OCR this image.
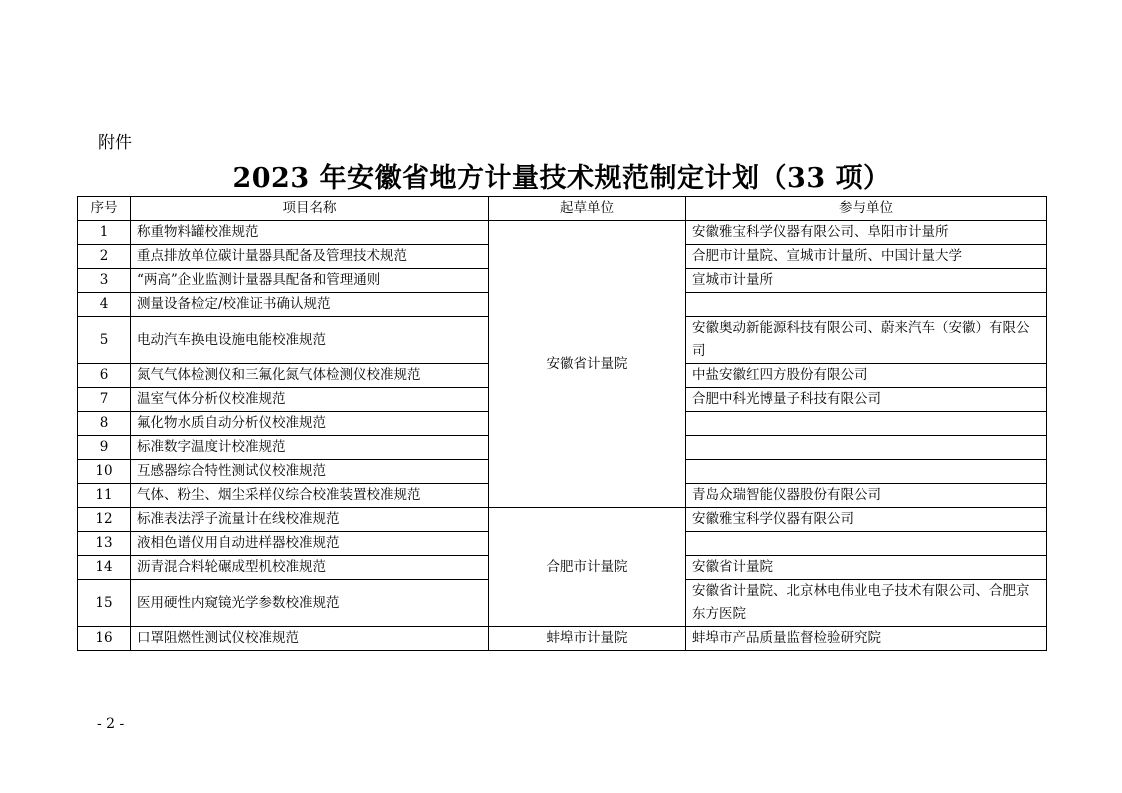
附件
2023 年安徽省地方计量技术规范制定计划（33 项）
序号	项目名称	起草单位	参与单位
1	称重物料罐校准规范	安徽省计量院	安徽雅宝科学仪器有限公司、阜阳市计量所
2	重点排放单位碳计量器具配备及管理技术规范		合肥市计量院、宣城市计量所、中国计量大学
3	“两高”企业监测计量器具配备和管理通则		宣城市计量所
4	测量设备检定/校准证书确认规范		
5	电动汽车换电设施电能校准规范		安徽奥动新能源科技有限公司、蔚来汽车（安徽）有限公司
6	氮气气体检测仪和三氟化氮气体检测仪校准规范		中盐安徽红四方股份有限公司
7	温室气体分析仪校准规范		合肥中科光博量子科技有限公司
8	氟化物水质自动分析仪校准规范		
9	标准数字温度计校准规范		
10	互感器综合特性测试仪校准规范		
11	气体、粉尘、烟尘采样仪综合校准装置校准规范		青岛众瑞智能仪器股份有限公司
12	标准表法浮子流量计在线校准规范	合肥市计量院	安徽雅宝科学仪器有限公司
13	液相色谱仪用自动进样器校准规范		
14	沥青混合料轮碾成型机校准规范		安徽省计量院
15	医用硬性内窥镜光学参数校准规范		安徽省计量院、北京林电伟业电子技术有限公司、合肥京东方医院
16	口罩阻燃性测试仪校准规范	蚌埠市计量院	蚌埠市产品质量监督检验研究院
- 2 -
